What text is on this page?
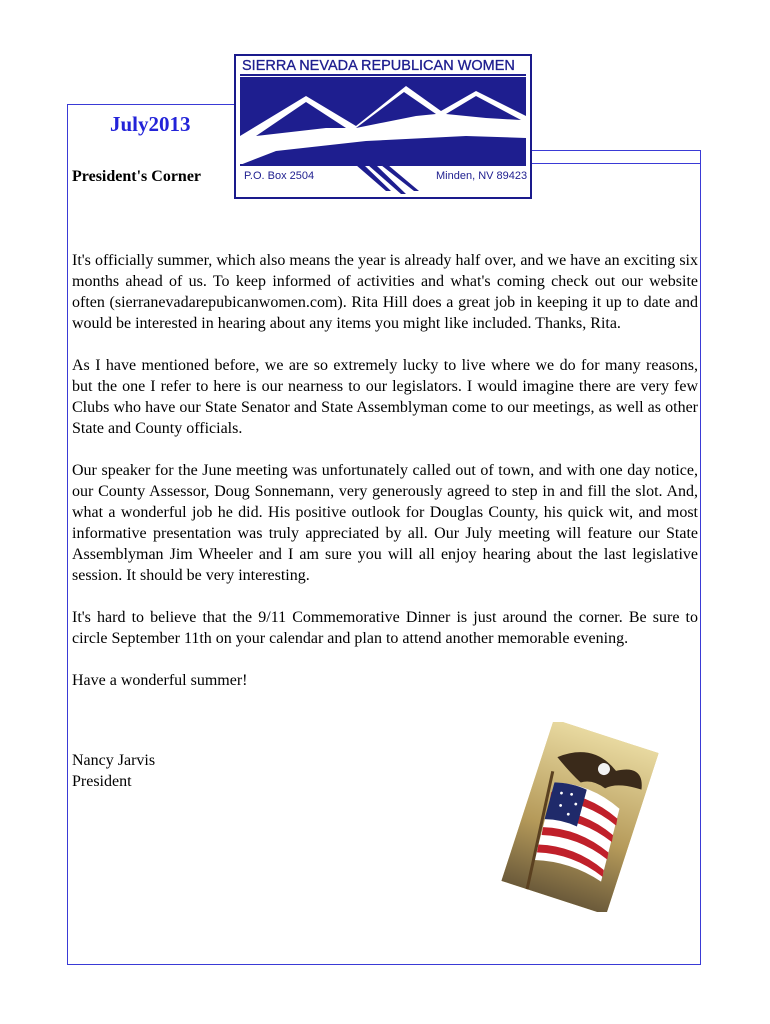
July2013
President's Corner
SIERRA NEVADA REPUBLICAN WOMEN
P.O. Box 2504	Minden, NV 89423

It's officially summer, which also means the year is already half over, and we have an exciting six months ahead of us. To keep informed of activities and what's coming check out our website often (sierranevadarepubicanwomen.com). Rita Hill does a great job in keeping it up to date and would be interested in hearing about any items you might like included. Thanks, Rita.

As I have mentioned before, we are so extremely lucky to live where we do for many reasons, but the one I refer to here is our nearness to our legislators. I would imagine there are very few Clubs who have our State Senator and State Assemblyman come to our meetings, as well as other State and County officials.

Our speaker for the June meeting was unfortunately called out of town, and with one day notice, our County Assessor, Doug Sonnemann, very generously agreed to step in and fill the slot. And, what a wonderful job he did. His positive outlook for Douglas County, his quick wit, and most informative presentation was truly appreciated by all. Our July meeting will feature our State Assemblyman Jim Wheeler and I am sure you will all enjoy hearing about the last legislative session. It should be very interesting.

It's hard to believe that the 9/11 Commemorative Dinner is just around the corner. Be sure to circle September 11th on your calendar and plan to attend another memorable evening.

Have a wonderful summer!

Nancy Jarvis
President
